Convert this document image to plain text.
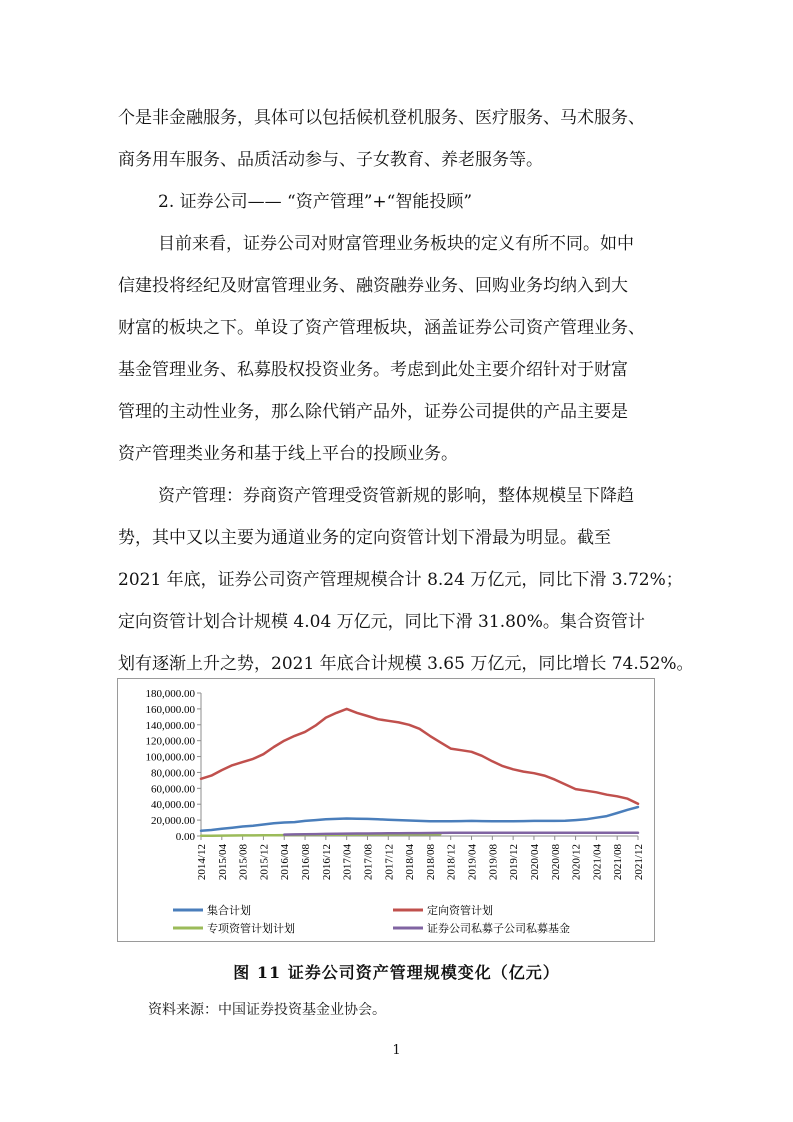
个是非金融服务，具体可以包括候机登机服务、医疗服务、马术服务、
商务用车服务、品质活动参与、子女教育、养老服务等。
2. 证券公司—— “资产管理”+“智能投顾”
目前来看，证券公司对财富管理业务板块的定义有所不同。如中
信建投将经纪及财富管理业务、融资融券业务、回购业务均纳入到大
财富的板块之下。单设了资产管理板块，涵盖证券公司资产管理业务、
基金管理业务、私募股权投资业务。考虑到此处主要介绍针对于财富
管理的主动性业务，那么除代销产品外，证券公司提供的产品主要是
资产管理类业务和基于线上平台的投顾业务。
资产管理：券商资产管理受资管新规的影响，整体规模呈下降趋
势，其中又以主要为通道业务的定向资管计划下滑最为明显。截至
2021 年底，证券公司资产管理规模合计 8.24 万亿元，同比下滑 3.72%；
定向资管计划合计规模 4.04 万亿元，同比下滑 31.80%。集合资管计
划有逐渐上升之势，2021 年底合计规模 3.65 万亿元，同比增长 74.52%。
180,000.00
160,000.00
140,000.00
120,000.00
100,000.00
80,000.00
60,000.00
40,000.00
20,000.00
0.00
2014/12 2015/04 2015/08 2015/12 2016/04 2016/08 2016/12 2017/04 2017/08 2017/12 2018/04 2018/08 2018/12 2019/04 2019/08 2019/12 2020/04 2020/08 2020/12 2021/04 2021/08 2021/12
集合计划	定向资管计划
专项资管计划计划	证券公司私募子公司私募基金
图 11 证券公司资产管理规模变化（亿元）
资料来源：中国证券投资基金业协会。
1
